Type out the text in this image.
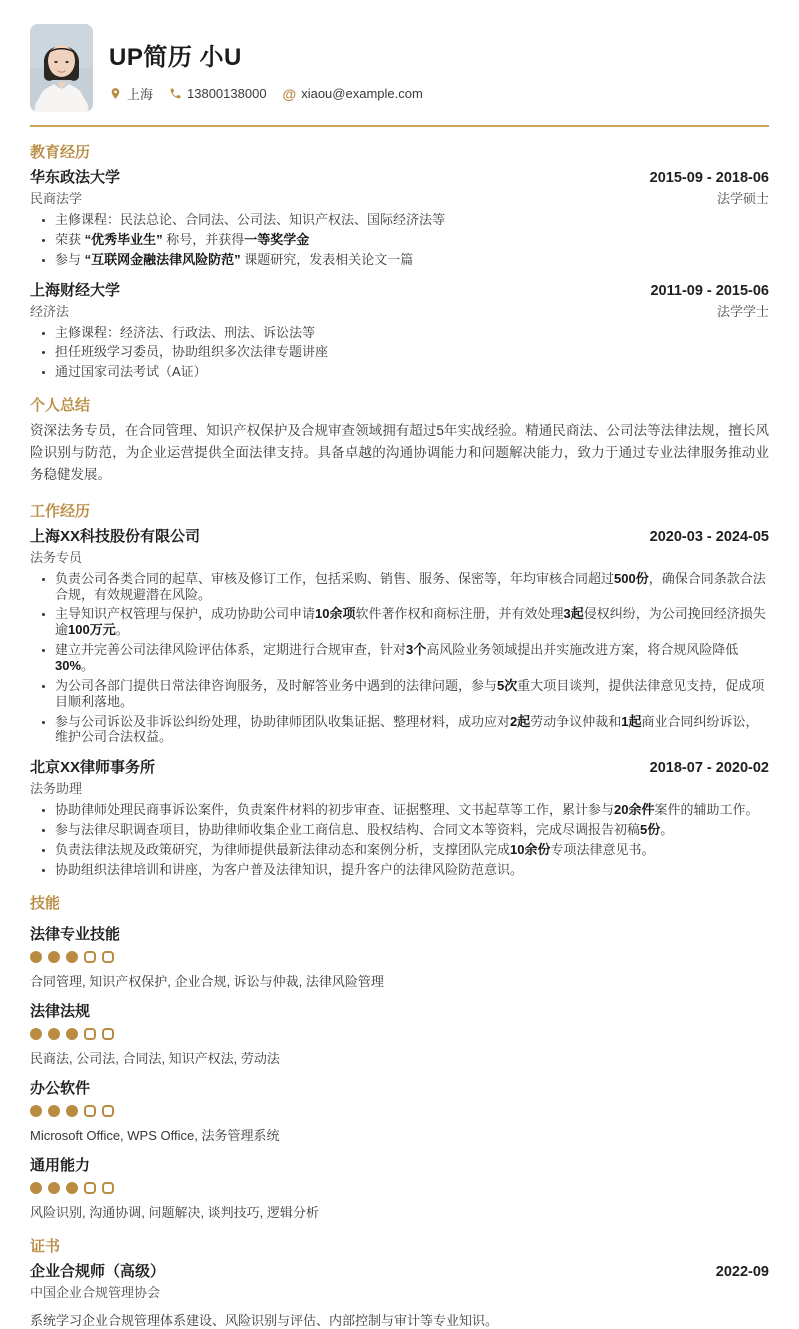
UP简历 小U
上海	13800138000 @ xiaou@example.com
教育经历
华东政法大学	2015-09 - 2018-06
民商法学	法学硕士
• 主修课程：民法总论、合同法、公司法、知识产权法、国际经济法等
• 荣获 “优秀毕业生” 称号，并获得一等奖学金
• 参与 “互联网金融法律风险防范” 课题研究，发表相关论文一篇
上海财经大学	2011-09 - 2015-06
经济法	法学学士
• 主修课程：经济法、行政法、刑法、诉讼法等
• 担任班级学习委员，协助组织多次法律专题讲座
• 通过国家司法考试（A证）
个人总结

资深法务专员，在合同管理、知识产权保护及合规审查领域拥有超过5年实战经验。精通民商法、公司法等法律法规，擅长风险识别与防范，为企业运营提供全面法律支持。具备卓越的沟通协调能力和问题解决能力，致力于通过专业法律服务推动业务稳健发展。

工作经历
上海XX科技股份有限公司	2020-03 - 2024-05
法务专员
• 负责公司各类合同的起草、审核及修订工作，包括采购、销售、服务、保密等，年均审核合同超过500份，确保合同条款合法合规，有效规避潜在风险。
• 主导知识产权管理与保护，成功协助公司申请10余项软件著作权和商标注册，并有效处理3起侵权纠纷，为公司挽回经济损失逾100万元。
• 建立并完善公司法律风险评估体系，定期进行合规审查，针对3个高风险业务领域提出并实施改进方案，将合规风险降低30%。
• 为公司各部门提供日常法律咨询服务，及时解答业务中遇到的法律问题，参与5次重大项目谈判，提供法律意见支持，促成项目顺利落地。
• 参与公司诉讼及非诉讼纠纷处理，协助律师团队收集证据、整理材料，成功应对2起劳动争议仲裁和1起商业合同纠纷诉讼，维护公司合法权益。
北京XX律师事务所	2018-07 - 2020-02
法务助理
• 协助律师处理民商事诉讼案件，负责案件材料的初步审查、证据整理、文书起草等工作，累计参与20余件案件的辅助工作。
• 参与法律尽职调查项目，协助律师收集企业工商信息、股权结构、合同文本等资料，完成尽调报告初稿5份。
• 负责法律法规及政策研究，为律师提供最新法律动态和案例分析，支撑团队完成10余份专项法律意见书。
• 协助组织法律培训和讲座，为客户普及法律知识，提升客户的法律风险防范意识。
技能
法律专业技能
合同管理, 知识产权保护, 企业合规, 诉讼与仲裁, 法律风险管理
法律法规
民商法, 公司法, 合同法, 知识产权法, 劳动法
办公软件
Microsoft Office, WPS Office, 法务管理系统
通用能力
风险识别, 沟通协调, 问题解决, 谈判技巧, 逻辑分析
证书
企业合规师（高级）	2022-09
中国企业合规管理协会

系统学习企业合规管理体系建设、风险识别与评估、内部控制与审计等专业知识。
